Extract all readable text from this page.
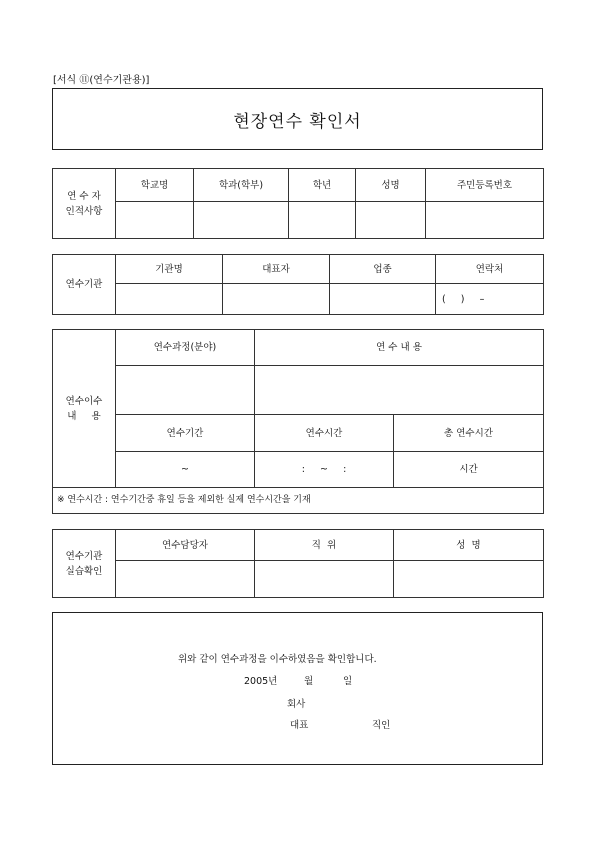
[서식 ⑪(연수기관용)]
현장연수 확인서
연 수 자
인적사항	학교명	학과(학부)	학년	성명	주민등록번호

연수기관	기관명	대표자	업종	연락처
				(     )     –
연수이수
내     용	연수과정(분야)	연 수 내 용	

	연수기간	연수시간	총 연수시간
	~	:     ~     :	시간
※ 연수시간 : 연수기간중 휴일 등을 제외한 실제 연수시간을 기재			
연수기관
실습확인	연수담당자	직  위	성  명

위와 같이 연수과정을 이수하였음을 확인합니다.
2005년	월	일
회사
대표	직인
